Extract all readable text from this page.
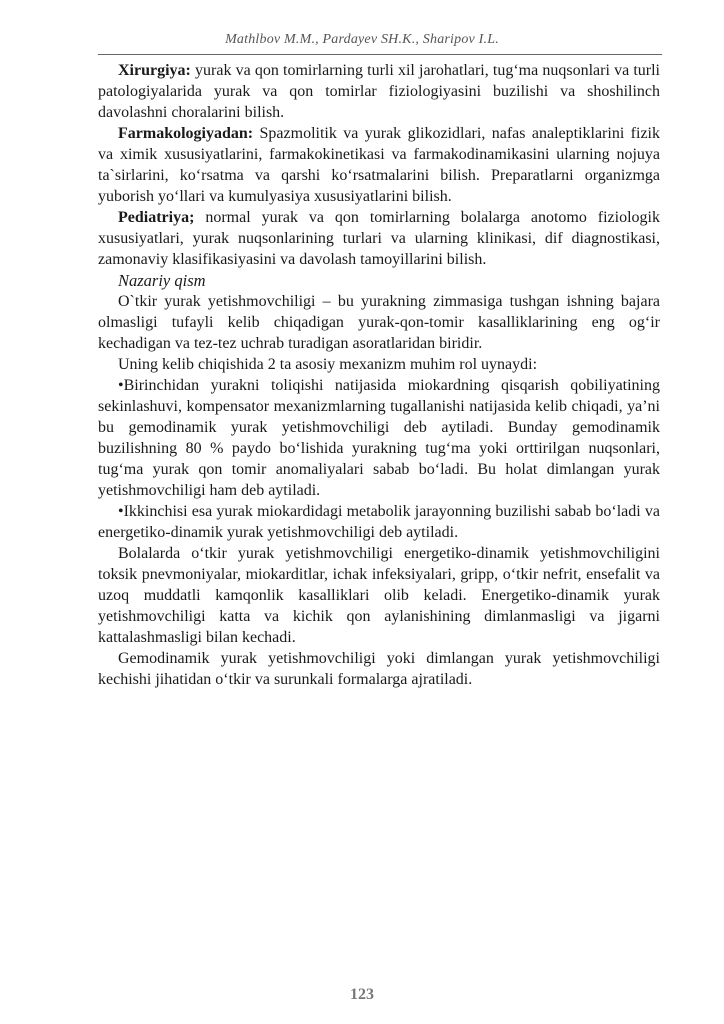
Mathlbov M.M., Pardayev SH.K., Sharipov I.L.

Xirurgiya: yurak va qon tomirlarning turli xil jarohatlari, tug‘ma nuqsonlari va turli patologiyalarida yurak va qon tomirlar fiziologiyasini buzilishi va shoshilinch davolashni choralarini bilish.

Farmakologiyadan: Spazmolitik va yurak glikozidlari, nafas analeptiklarini fizik va ximik xususiyatlarini, farmakokinetikasi va farmakodinamikasini ularning nojuya ta`sirlarini, ko‘rsatma va qarshi ko‘rsatmalarini bilish. Preparatlarni organizmga yuborish yo‘llari va kumulyasiya xususiyatlarini bilish.

Pediatriya; normal yurak va qon tomirlarning bolalarga anotomo fiziologik xususiyatlari, yurak nuqsonlarining turlari va ularning klinikasi, dif diagnostikasi, zamonaviy klasifikasiyasini va davolash tamoyillarini bilish.

Nazariy qism

O`tkir yurak yetishmovchiligi – bu yurakning zimmasiga tushgan ishning bajara olmasligi tufayli kelib chiqadigan yurak-qon-tomir kasalliklarining eng og‘ir kechadigan va tez-tez uchrab turadigan asoratlaridan biridir.

Uning kelib chiqishida 2 ta asosiy mexanizm muhim rol uynaydi:

•Birinchidan yurakni toliqishi natijasida miokardning qisqarish qobiliyatining sekinlashuvi, kompensator mexanizmlarning tugallanishi natijasida kelib chiqadi, ya’ni bu gemodinamik yurak yetishmovchiligi deb aytiladi. Bunday gemodinamik buzilishning 80 % paydo bo‘lishida yurakning tug‘ma yoki orttirilgan nuqsonlari, tug‘ma yurak qon tomir anomaliyalari sabab bo‘ladi. Bu holat dimlangan yurak yetishmovchiligi ham deb aytiladi.

•Ikkinchisi esa yurak miokardidagi metabolik jarayonning buzilishi sabab bo‘ladi va energetiko-dinamik yurak yetishmovchiligi deb aytiladi.

Bolalarda o‘tkir yurak yetishmovchiligi energetiko-dinamik yetishmovchiligini toksik pnevmoniyalar, miokarditlar, ichak infeksiyalari, gripp, o‘tkir nefrit, ensefalit va uzoq muddatli kamqonlik kasalliklari olib keladi. Energetiko-dinamik yurak yetishmovchiligi katta va kichik qon aylanishining dimlanmasligi va jigarni kattalashmasligi bilan kechadi.

Gemodinamik yurak yetishmovchiligi yoki dimlangan yurak yetishmovchiligi kechishi jihatidan o‘tkir va surunkali formalarga ajratiladi.

123
